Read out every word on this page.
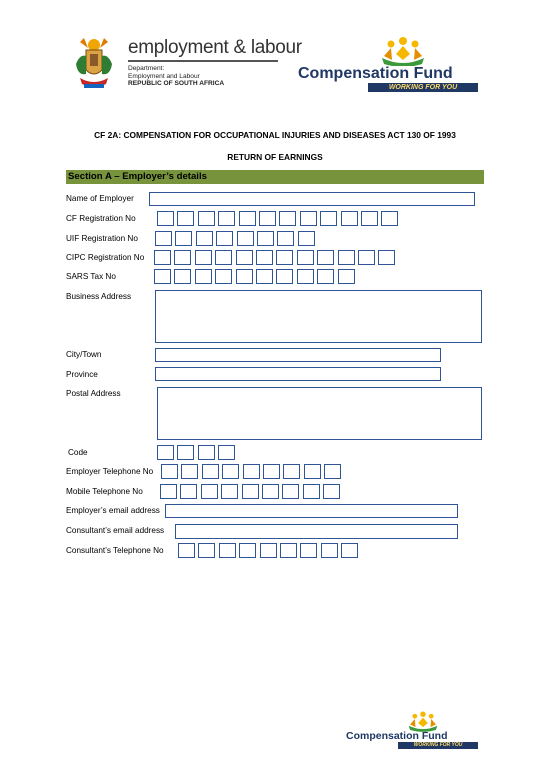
employment & labour
Department:
Employment and Labour
REPUBLIC OF SOUTH AFRICA
Compensation Fund
WORKING FOR YOU
CF 2A: COMPENSATION FOR OCCUPATIONAL INJURIES AND DISEASES ACT 130 OF 1993
RETURN OF EARNINGS
Section A – Employer’s details
Name of Employer
CF Registration No
UIF Registration No
CIPC Registration No
SARS Tax No
Business Address
City/Town
Province
Postal Address
Code
Employer Telephone No
Mobile Telephone No
Employer’s email address
Consultant’s email address
Consultant’s Telephone No
Compensation Fund
WORKING FOR YOU
